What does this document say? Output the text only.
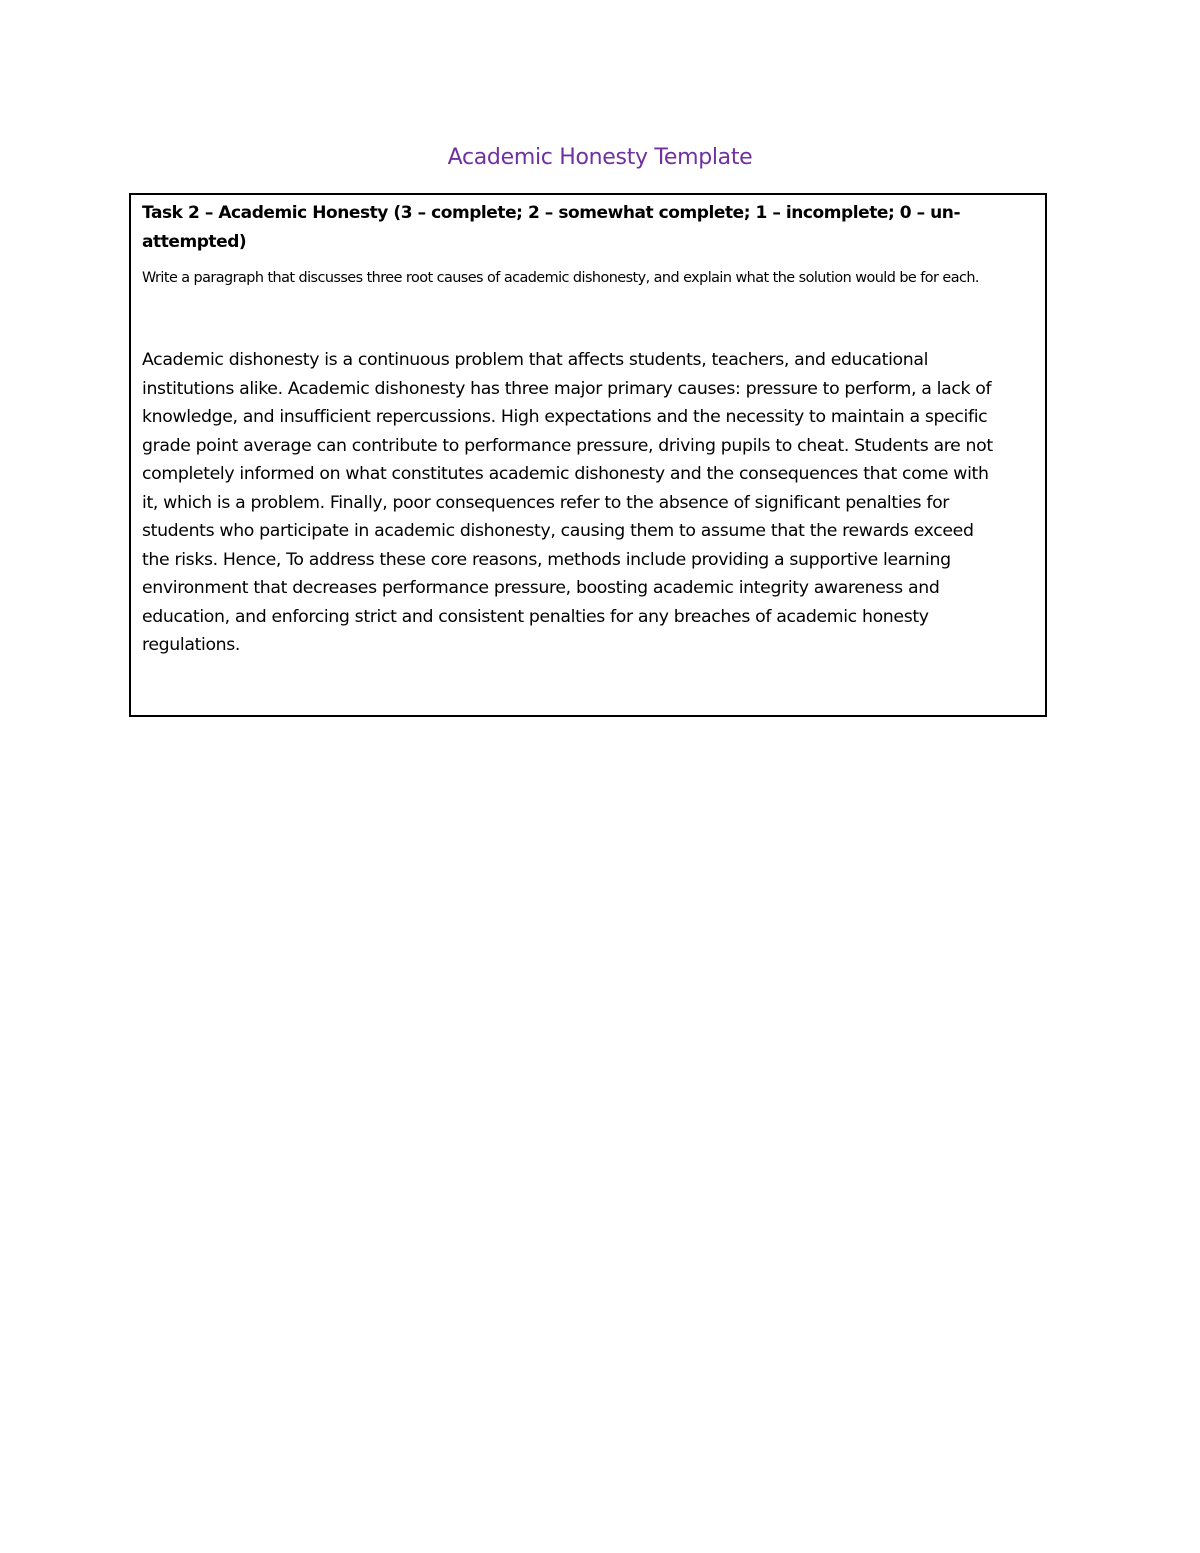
Academic Honesty Template

Task 2 – Academic Honesty (3 – complete; 2 – somewhat complete; 1 – incomplete; 0 – un-attempted)

Write a paragraph that discusses three root causes of academic dishonesty, and explain what the solution would be for each.

Academic dishonesty is a continuous problem that affects students, teachers, and educational
institutions alike. Academic dishonesty has three major primary causes: pressure to perform, a lack of
knowledge, and insufficient repercussions. High expectations and the necessity to maintain a specific
grade point average can contribute to performance pressure, driving pupils to cheat. Students are not
completely informed on what constitutes academic dishonesty and the consequences that come with
it, which is a problem. Finally, poor consequences refer to the absence of significant penalties for
students who participate in academic dishonesty, causing them to assume that the rewards exceed
the risks. Hence, To address these core reasons, methods include providing a supportive learning
environment that decreases performance pressure, boosting academic integrity awareness and
education, and enforcing strict and consistent penalties for any breaches of academic honesty
regulations.
